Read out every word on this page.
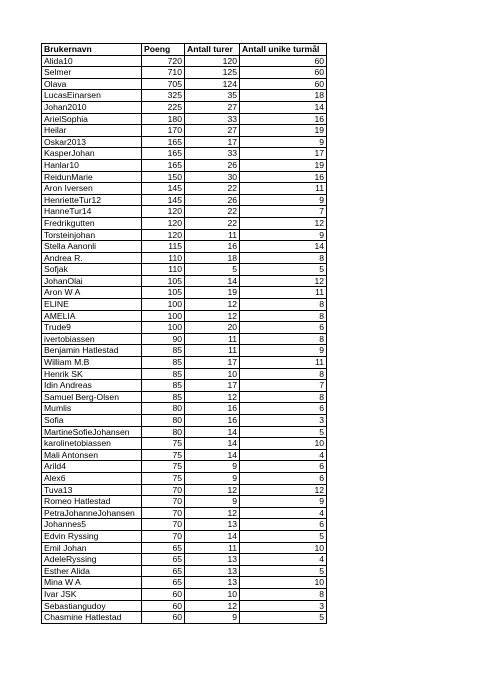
Brukernavn	Poeng	Antall turer	Antall unike turmål
Alida10	720	120	60
Selmer	710	125	60
Olava	705	124	60
LucasEinarsen	325	35	18
Johan2010	225	27	14
ArielSophia	180	33	16
Heilar	170	27	19
Oskar2013	165	17	9
KasperJohan	165	33	17
Hanlar10	165	26	19
ReidunMarie	150	30	16
Aron Iversen	145	22	11
HenrietteTur12	145	26	9
HanneTur14	120	22	7
Fredrikgutten	120	22	12
Torsteinjohan	120	11	9
Stella Aanonli	115	16	14
Andrea R.	110	18	8
Sofjak	110	5	5
JohanOlai	105	14	12
Aron W A	105	19	11
ELINE	100	12	8
AMELIA	100	12	8
Trude9	100	20	6
ivertobiassen	90	11	8
Benjamin Hatlestad	85	11	9
William M.B	85	17	11
Henrik SK	85	10	8
Idin Andreas	85	17	7
Samuel Berg-Olsen	85	12	8
Mumlis	80	16	6
Sofia	80	16	3
MartineSofieJohansen	80	14	5
karolinetobiassen	75	14	10
Mali Antonsen	75	14	4
Arild4	75	9	6
Alex6	75	9	6
Tuva13	70	12	12
Romeo Hatlestad	70	9	9
PetraJohanneJohansen	70	12	4
Johannes5	70	13	6
Edvin Ryssing	70	14	5
Emil Johan	65	11	10
AdeleRyssing	65	13	4
Esther Alida	65	13	5
Mina W A	65	13	10
Ivar JSK	60	10	8
Sebastiangudoy	60	12	3
Chasmine Hatlestad	60	9	5
